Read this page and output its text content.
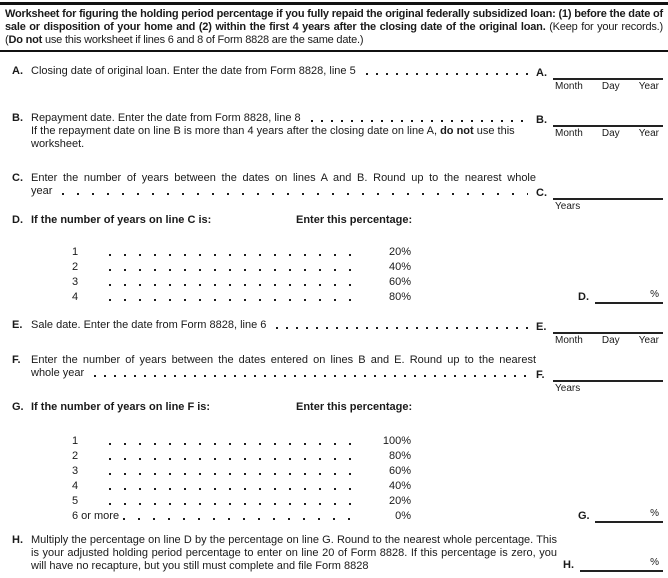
Worksheet for figuring the holding period percentage if you fully repaid the original federally subsidized loan: (1) before the date of sale or disposition of your home and (2) within the first 4 years after the closing date of the original loan. (Keep for your records.) (Do not use this worksheet if lines 6 and 8 of Form 8828 are the same date.)
A. Closing date of original loan. Enter the date from Form 8828, line 5	A.
Month Day Year
B. Repayment date. Enter the date from Form 8828, line 8
If the repayment date on line B is more than 4 years after the closing date on line A, do not use this worksheet.
B.
Month Day Year
C. Enter the number of years between the dates on lines A and B. Round up to the nearest whole
year	C.
Years
D. If the number of years on line C is:	Enter this percentage:
1	20%
2	40%
3	60%
4	80%	D.	%
E. Sale date. Enter the date from Form 8828, line 6	E.
Month Day Year
F. Enter the number of years between the dates entered on lines B and E. Round up to the nearest
whole year	F.
Years
G. If the number of years on line F is:	Enter this percentage:
1	100%
2	80%
3	60%
4	40%
5	20%
6 or more	0%	G.	%
H. Multiply the percentage on line D by the percentage on line G. Round to the nearest whole percentage. This is your adjusted holding period percentage to enter on line 20 of Form 8828. If this percentage is zero, you will have no recapture, but you still must complete and file Form 8828	H.	%
